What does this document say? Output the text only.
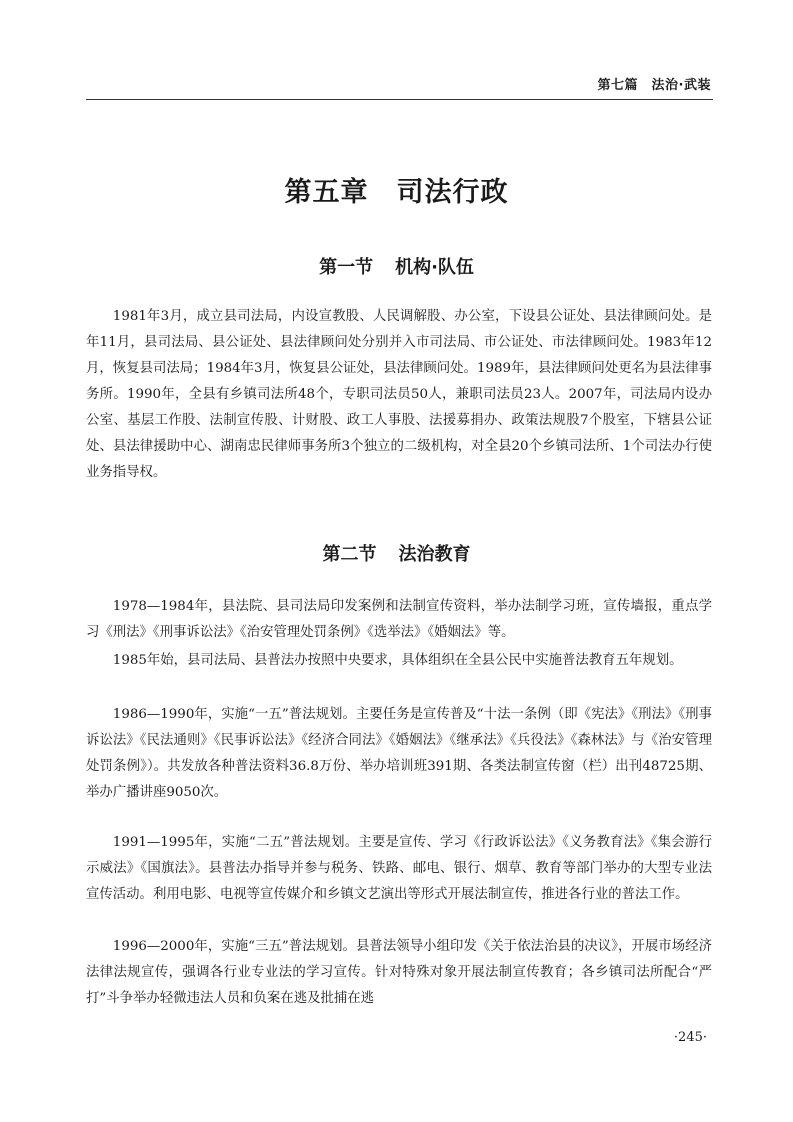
第七篇　法治·武装
第五章 司法行政
第一节 机构·队伍

1981年3月，成立县司法局，内设宣教股、人民调解股、办公室，下设县公证处、县法律顾问处。是年11月，县司法局、县公证处、县法律顾问处分别并入市司法局、市公证处、市法律顾问处。1983年12月，恢复县司法局；1984年3月，恢复县公证处，县法律顾问处。1989年，县法律顾问处更名为县法律事务所。1990年，全县有乡镇司法所48个，专职司法员50人，兼职司法员23人。2007年，司法局内设办公室、基层工作股、法制宣传股、计财股、政工人事股、法援募捐办、政策法规股7个股室，下辖县公证处、县法律援助中心、湖南忠民律师事务所3个独立的二级机构，对全县20个乡镇司法所、1个司法办行使业务指导权。

第二节 法治教育

1978—1984年，县法院、县司法局印发案例和法制宣传资料，举办法制学习班，宣传墙报，重点学习《刑法》《刑事诉讼法》《治安管理处罚条例》《选举法》《婚姻法》等。

1985年始，县司法局、县普法办按照中央要求，具体组织在全县公民中实施普法教育五年规划。

1986—1990年，实施“一五”普法规划。主要任务是宣传普及“十法一条例（即《宪法》《刑法》《刑事诉讼法》《民法通则》《民事诉讼法》《经济合同法》《婚姻法》《继承法》《兵役法》《森林法》与《治安管理处罚条例》）。共发放各种普法资料36.8万份、举办培训班391期、各类法制宣传窗（栏）出刊48725期、举办广播讲座9050次。

1991—1995年，实施“二五”普法规划。主要是宣传、学习《行政诉讼法》《义务教育法》《集会游行示威法》《国旗法》。县普法办指导并参与税务、铁路、邮电、银行、烟草、教育等部门举办的大型专业法宣传活动。利用电影、电视等宣传媒介和乡镇文艺演出等形式开展法制宣传，推进各行业的普法工作。

1996—2000年，实施“三五”普法规划。县普法领导小组印发《关于依法治县的决议》，开展市场经济法律法规宣传，强调各行业专业法的学习宣传。针对特殊对象开展法制宣传教育；各乡镇司法所配合“严打”斗争举办轻微违法人员和负案在逃及批捕在逃

·245·
